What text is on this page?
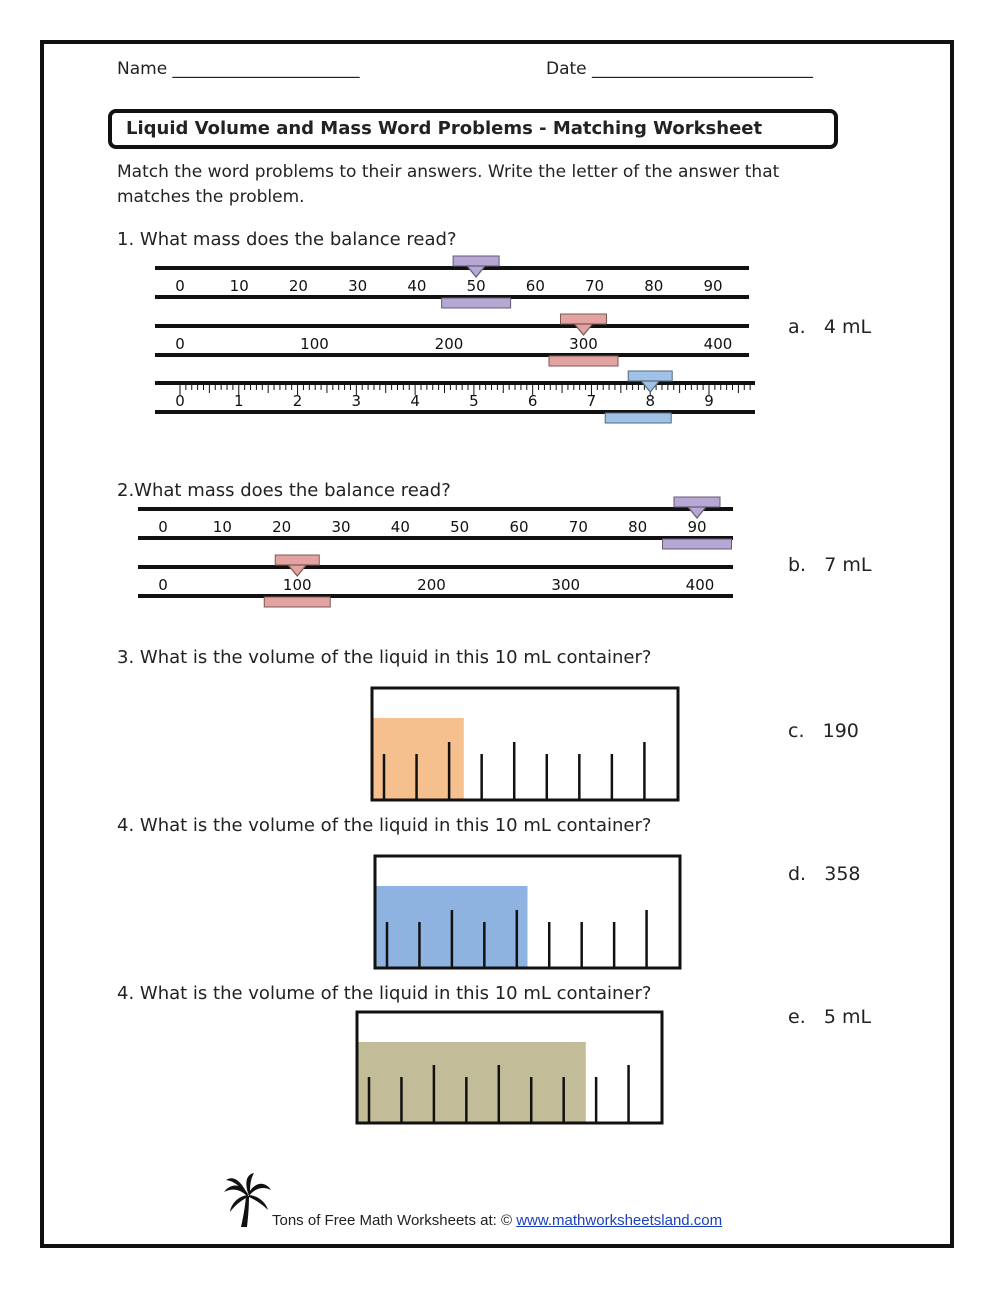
Name ______________________	Date __________________________
Liquid Volume and Mass Word Problems - Matching Worksheet
Match the word problems to their answers. Write the letter of the answer that matches the problem.
1. What mass does the balance read?
2.What mass does the balance read?
3. What is the volume of the liquid in this 10 mL container?
4. What is the volume of the liquid in this 10 mL container?
4. What is the volume of the liquid in this 10 mL container?
a. 4 mL
b. 7 mL
c. 190
d. 358
e. 5 mL
0	10	20	30	40	50	60	70	80	90
0	100	200	300	400
0	1	2	3	4	5	6	7	8	9
0	10	20	30	40	50	60	70	80	90
0	100	200	300	400
Tons of Free Math Worksheets at: © www.mathworksheetsland.com
